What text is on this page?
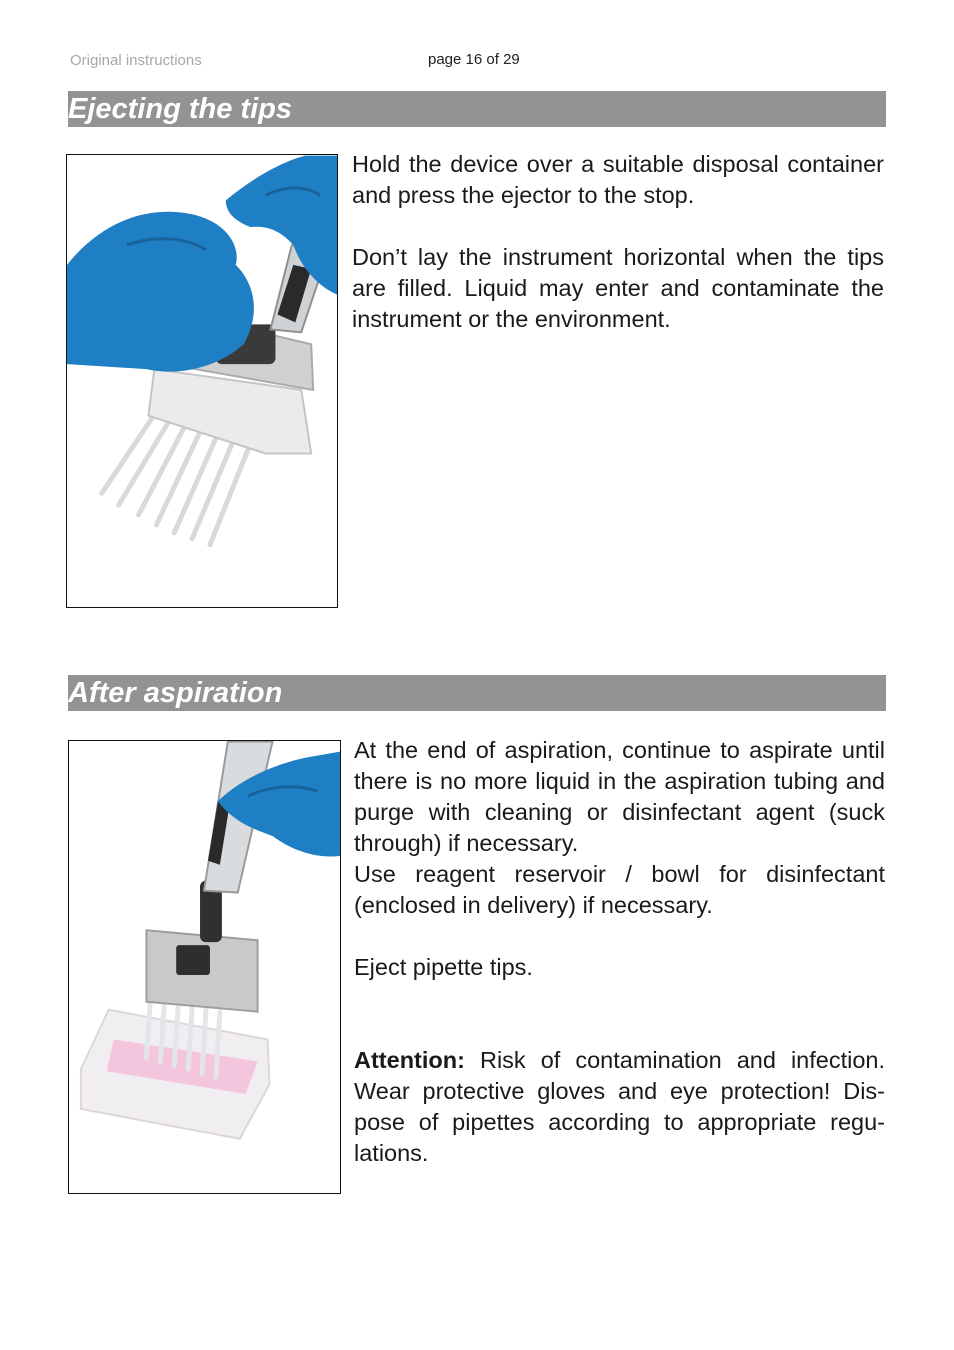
Original instructions	page 16 of 29
Ejecting the tips

Hold the device over a suitable disposal container and press the ejector to the stop.

Don’t lay the instrument horizontal when the tips are filled. Liquid may enter and contaminate the instrument or the environment.

After aspiration

At the end of aspiration, continue to aspirate until there is no more liquid in the aspiration tubing and purge with cleaning or disinfectant agent (suck through) if necessary.

Use reagent reservoir / bowl for disinfectant (enclosed in delivery) if necessary.

Eject pipette tips.

Attention: Risk of contamination and infection. Wear protective gloves and eye protection! Dispose of pipettes according to appropriate regulations.
